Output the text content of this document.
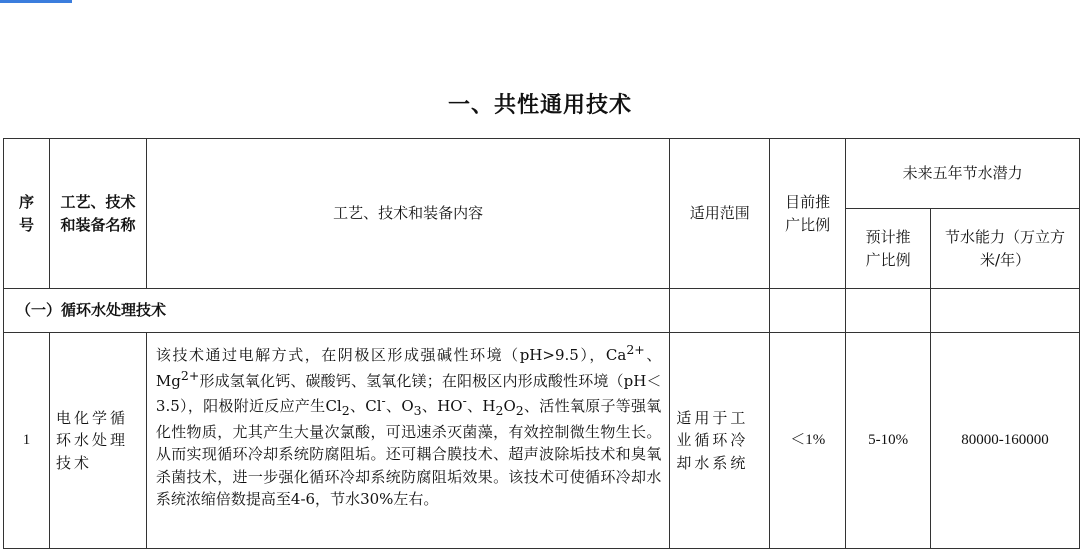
一、共性通用技术
序号	工艺、技术和装备名称	工艺、技术和装备内容	适用范围	目前推广比例	未来五年节水潜力	
					预计推广比例	节水能力（万立方米/年）
（一）循环水处理技术						
1	电化学循环水处理技术	该技术通过电解方式，在阴极区形成强碱性环境（pH>9.5），$Ca^{2+}$、$Mg^{2+}$形成氢氧化钙、碳酸钙、氢氧化镁；在阳极区内形成酸性环境（pH＜3.5），阳极附近反应产生$Cl_2$、Cl-、$O_3$、HO-、$H_2O_2$、活性氧原子等强氧化性物质，尤其产生大量次氯酸，可迅速杀灭菌藻，有效控制微生物生长。从而实现循环冷却系统防腐阻垢。还可耦合膜技术、超声波除垢技术和臭氧杀菌技术，进一步强化循环冷却系统防腐阻垢效果。该技术可使循环冷却水系统浓缩倍数提高至4-6，节水30%左右。	适用于工业循环冷却水系统	＜1%	5-10%	80000-160000
